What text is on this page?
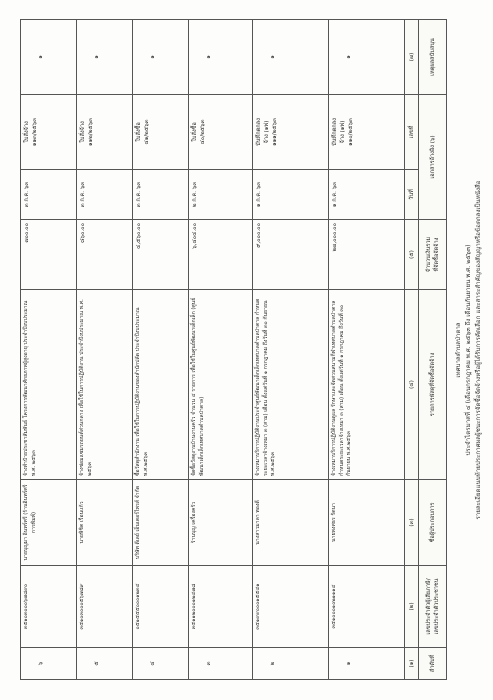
รายละเอียดแนบท้ายประกาศผลผู้ชนะการจัดซื้อจัดจ้างหรือผู้ได้รับการคัดเลือก และสาระสำคัญของสัญญาหรือข้อตกลงเป็นหนังสือ
ประจำไตรมาสที่ ๔ (เดือนกรกฎาคม พ.ศ. ๒๕๖๓ ถึง เดือนกันยายน พ.ศ. ๒๕๖๓)
เทศบาลตำบลป่าตาล
๖	๓๕๑๐๓๐๐๐๖๗๘๙๐	นายบุญมา อินทร์ศรี (ร้านอินทร์ศรีการพิมพ์)	จ้างทำป้ายประชาสัมพันธ์ โครงการพัฒนาศักยภาพผู้สูงอายุ ประจำปีงบประมาณ พ.ศ. ๒๕๖๓	๗๐๐.๐๐	๓ ก.ค. ๖๓	ใบสั่งจ้าง ๑๑๓/๒๕๖๓	๑
๕	๓๕๑๐๓๐๐๐๕๖๗๘๙	นายพิชิต เรือนแก้ว	จ้างซ่อมแซมรถยนต์ส่วนกลาง เพื่อใช้ในการปฏิบัติงาน ประจำปีงบประมาณ พ.ศ. ๒๕๖๓	๘๖๐.๐๐	๓ ก.ค. ๖๓	ใบสั่งจ้าง ๑๑๒/๒๕๖๓	๑
๔	๐๕๑๕๕๕๐๐๐๑๒๓๔	บริษัท ดีเลย์ เอ็นเตอร์ไพรส์ จำกัด	ซื้อวัสดุสำนักงาน เพื่อใช้ในการปฏิบัติงานของสำนักปลัด ประจำปีงบประมาณ พ.ศ.๒๕๖๓	๔,๕๖๐.๐๐	๓ ก.ค. ๖๓	ใบสั่งซื้อ ๔๑/๒๕๖๓	๑
๓	๓๕๑๑๒๐๐๐๑๒๔๗๘	ร้านบุญ เครื่องครัว	จัดซื้อวัสดุงานบ้านงานครัว จำนวน ๔ รายการ เพื่อใช้ในศูนย์พัฒนาเด็กเล็ก (ศูนย์พัฒนาเด็กเล็กเทศบาลตำบลป่าตาล)	๖,๔๐๔.๐๐	๒ ก.ค. ๖๓	ใบสั่งซื้อ ๔๐/๒๕๖๓	๑
๒	๓๕๑๙๙๐๐๐๑๕๕๔๑	นางสาวมาลา ทองดี	จ้างเหมาบริการปฏิบัติงานประจำศูนย์พัฒนาเด็กเล็กเทศบาลตำบลป่าตาล กำหนดระยะเวลาจ้างเหมา ๓ (สาม) เดือน ตั้งแต่วันที่ ๑ กรกฎาคม ถึงวันที่ ๓๐ กันยายน พ.ศ.๒๕๖๓	๙,๐๐๐.๐๐	๑ ก.ค. ๖๓	บันทึกตกลง จ้าง (๑ฟ) ๑๑๑/๒๕๖๓	๑
๑	๓๕๑๐๐๐๑๐๒๑๑๑๔	นายพงศธร รัตนา	จ้างเหมาบริการปฏิบัติงานดูแล รักษาและจัดสวนสนามกีฬาเทศบาลตำบลป่าตาล กำหนดระยะเวลาจ้างเหมา ๓ (สาม) เดือน ตั้งแต่วันที่ ๑ กรกฎาคม ถึงวันที่ ๓๐ กันยายน พ.ศ.๒๕๖๓	๒๗,๐๐๐.๐๐	๑ ก.ค. ๖๓	บันทึกตกลง จ้าง (๑ฟ) ๑๑๐/๒๕๖๓	๑
(๑)	(๒)	(๓)	(๔)	(๕)	วันที่	เลขที่	(๗)
ลำดับที่	เลขประจำตัวผู้เสียภาษี/ เลขประจำตัวประชาชน	ชื่อผู้ประกอบการ	รายการพัสดุที่จัดซื้อจัดจ้าง	จำนวนเงินรวม ที่จัดซื้อจัดจ้าง	เอกสารอ้างอิง (๖)		เหตุผลสนับสนุน
